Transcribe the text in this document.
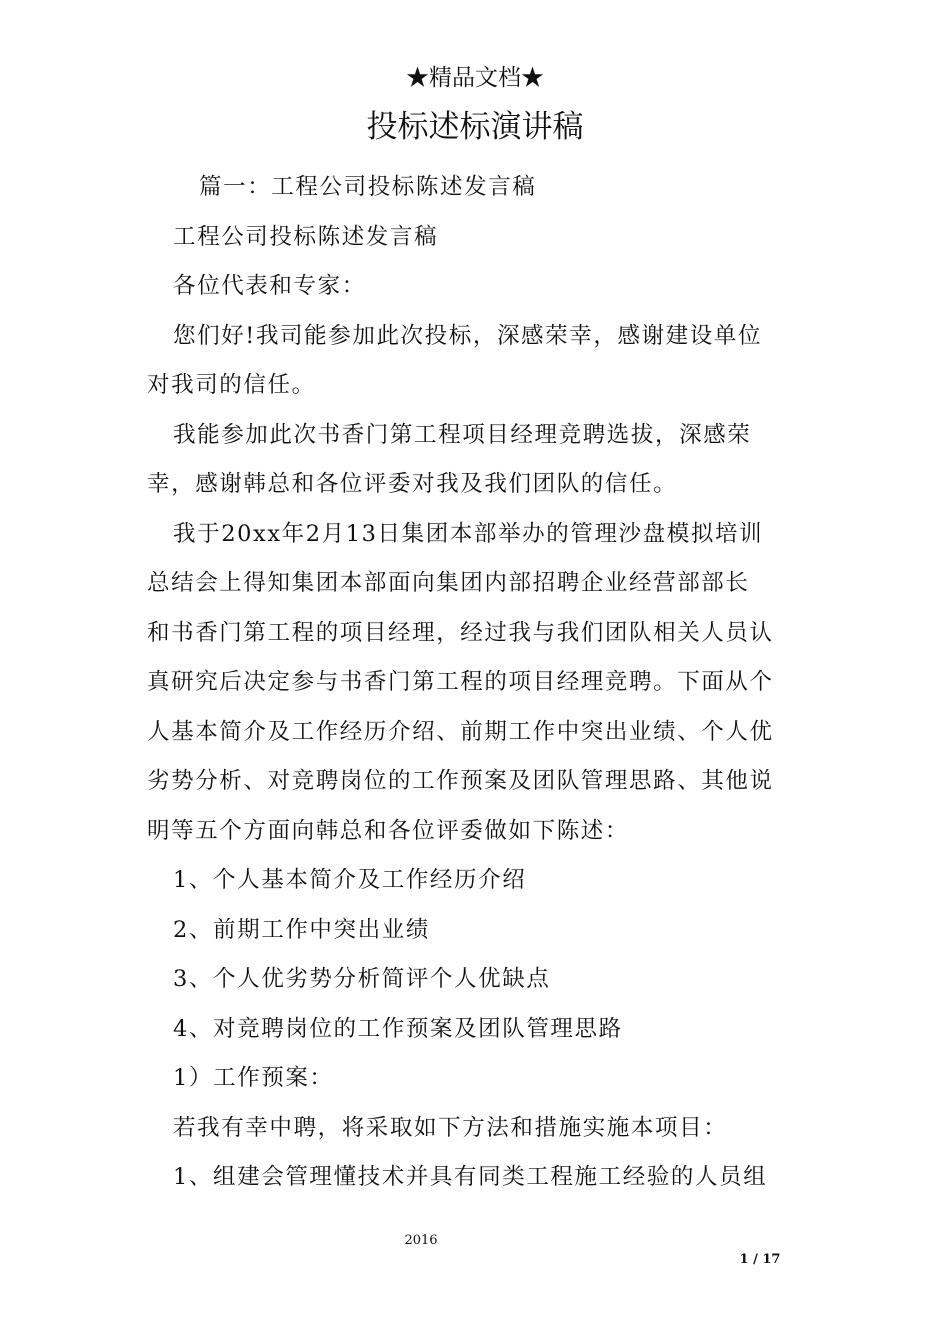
★精品文档★
投标述标演讲稿

篇一：工程公司投标陈述发言稿

工程公司投标陈述发言稿

各位代表和专家：

您们好!我司能参加此次投标，深感荣幸，感谢建设单位

对我司的信任。

我能参加此次书香门第工程项目经理竞聘选拔，深感荣

幸，感谢韩总和各位评委对我及我们团队的信任。

我于20xx年2月13日集团本部举办的管理沙盘模拟培训

总结会上得知集团本部面向集团内部招聘企业经营部部长

和书香门第工程的项目经理，经过我与我们团队相关人员认

真研究后决定参与书香门第工程的项目经理竞聘。下面从个

人基本简介及工作经历介绍、前期工作中突出业绩、个人优

劣势分析、对竞聘岗位的工作预案及团队管理思路、其他说

明等五个方面向韩总和各位评委做如下陈述：

1、个人基本简介及工作经历介绍

2、前期工作中突出业绩

3、个人优劣势分析简评个人优缺点

4、对竞聘岗位的工作预案及团队管理思路

1）工作预案：

若我有幸中聘，将采取如下方法和措施实施本项目：

1、组建会管理懂技术并具有同类工程施工经验的人员组

2016
1 / 17
